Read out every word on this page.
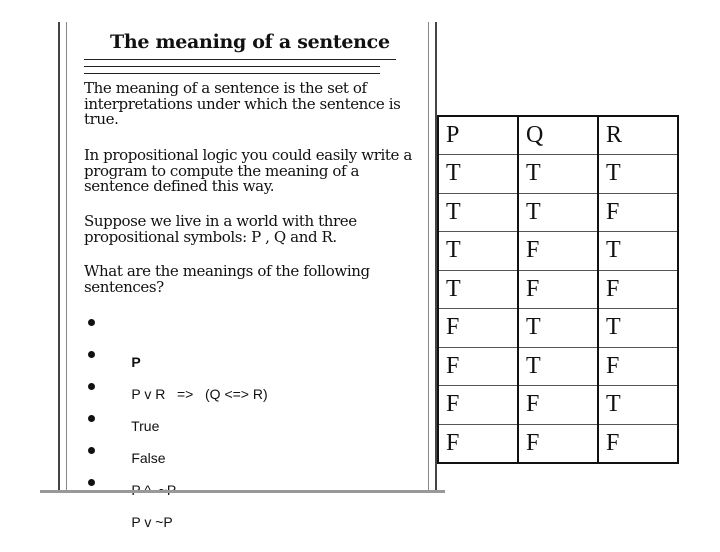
The meaning of a sentence

The meaning of a sentence is the set of interpretations under which the sentence is true.

In propositional logic you could easily write a program to compute the meaning of a sentence defined this way.

Suppose we live in a world with three propositional symbols: P , Q and R.

What are the meanings of the following sentences?

P

P v R   =>   (Q <=> R)

True

False

P v ~P

P	Q	R
T	T	T
T	T	F
T	F	T
T	F	F
F	T	T
F	T	F
F	F	T
F	F	F
